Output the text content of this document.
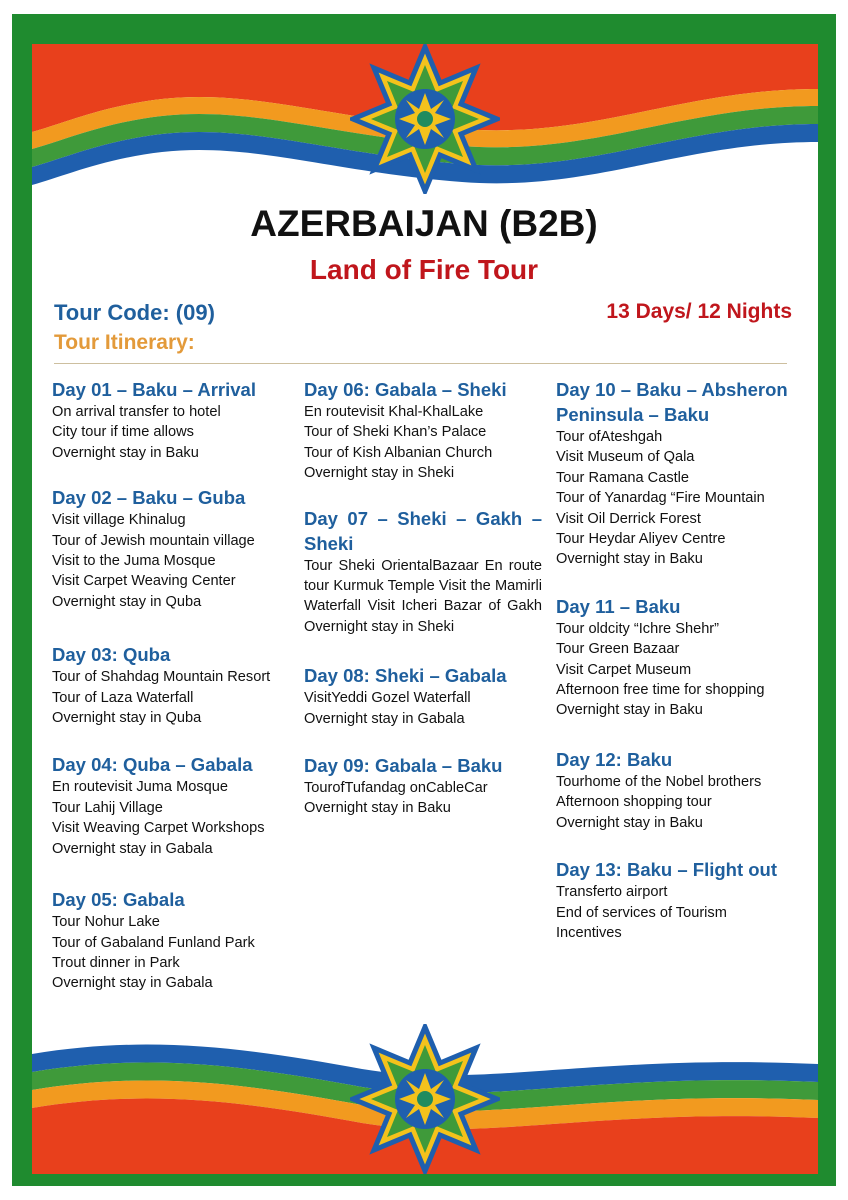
AZERBAIJAN (B2B)
Land of Fire Tour
Tour Code: (09)	13 Days/ 12 Nights
Tour Itinerary:
Day 01 – Baku – Arrival
On arrival transfer to hotel
City tour if time allows
Overnight stay in Baku
Day 02 – Baku – Guba
Visit village Khinalug
Tour of Jewish mountain village
Visit to the Juma Mosque
Visit Carpet Weaving Center
Overnight stay in Quba
Day 03: Quba
Tour of Shahdag Mountain Resort
Tour of Laza Waterfall
Overnight stay in Quba
Day 04: Quba – Gabala
En routevisit Juma Mosque
Tour Lahij Village
Visit Weaving Carpet Workshops
Overnight stay in Gabala
Day 05: Gabala
Tour Nohur Lake
Tour of Gabaland Funland Park
Trout dinner in Park
Overnight stay in Gabala
Day 06: Gabala – Sheki
En routevisit Khal-KhalLake
Tour of Sheki Khan’s Palace
Tour of Kish Albanian Church
Overnight stay in Sheki
Day 07 – Sheki – Gakh – Sheki
Tour Sheki OrientalBazaar En route tour Kurmuk Temple Visit the Mamirli Waterfall Visit Icheri Bazar of Gakh Overnight stay in Sheki
Day 08: Sheki – Gabala
VisitYeddi Gozel Waterfall
Overnight stay in Gabala
Day 09: Gabala – Baku
TourofTufandag onCableCar
Overnight stay in Baku
Day 10 – Baku – Absheron Peninsula – Baku
Tour ofAteshgah
Visit Museum of Qala
Tour Ramana Castle
Tour of Yanardag “Fire Mountain
Visit Oil Derrick Forest
Tour Heydar Aliyev Centre
Overnight stay in Baku
Day 11 – Baku
Tour oldcity “Ichre Shehr”
Tour Green Bazaar
Visit Carpet Museum
Afternoon free time for shopping
Overnight stay in Baku
Day 12: Baku
Tourhome of the Nobel brothers
Afternoon shopping tour
Overnight stay in Baku
Day 13: Baku – Flight out
Transferto airport
End of services of Tourism
Incentives
